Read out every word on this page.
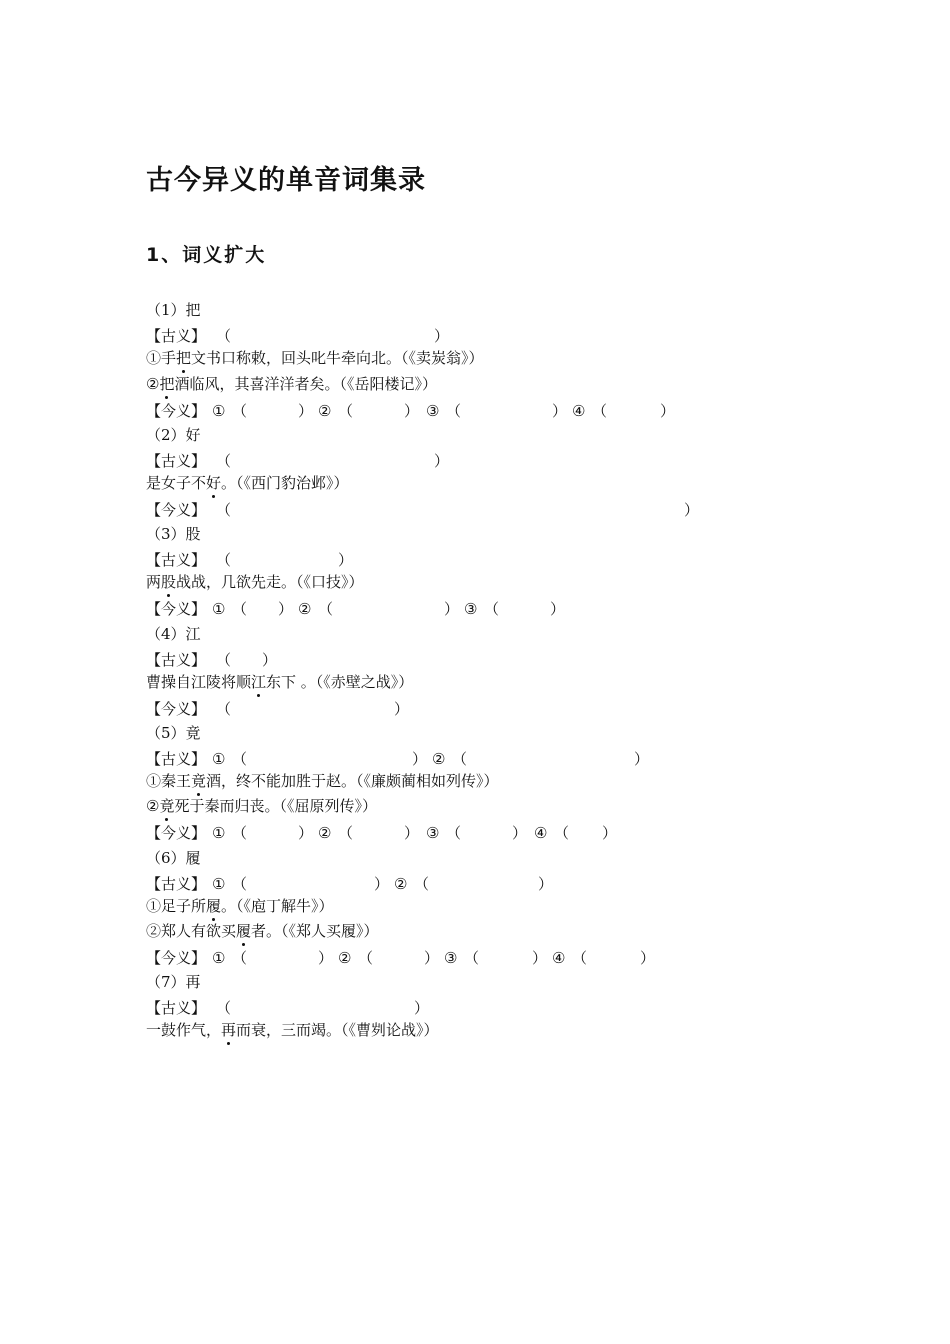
古今异义的单音词集录
1、词义扩大
（1）把
【古义】 （	）
①手把文书口称敕，回头叱牛牵向北。（《卖炭翁》）
②把酒临风，其喜洋洋者矣。（《岳阳楼记》）
【今义】 ① （	） ② （	） ③ （	） ④ （	）
（2）好
【古义】 （	）
是女子不好。（《西门豹治邺》）
【今义】 （	）
（3）股
【古义】 （	）
两股战战，几欲先走。（《口技》）
【今义】 ① （ ） ② （	） ③ （	）
（4）江
【古义】 （ ）
曹操自江陵将顺江东下 。（《赤壁之战》）
【今义】 （	）
（5）竟
【古义】 ① （	） ② （	）
①秦王竟酒，终不能加胜于赵。（《廉颇蔺相如列传》）
②竟死于秦而归丧。（《屈原列传》）
【今义】 ① （	） ② （	） ③ （	） ④ （ ）
（6）履
【古义】 ① （	） ② （	）
①足子所履。（《庖丁解牛》）
②郑人有欲买履者。（《郑人买履》）
【今义】 ① （	） ② （	） ③ （	） ④ （	）
（7）再
【古义】 （	）
一鼓作气，再而衰，三而竭。（《曹刿论战》）
